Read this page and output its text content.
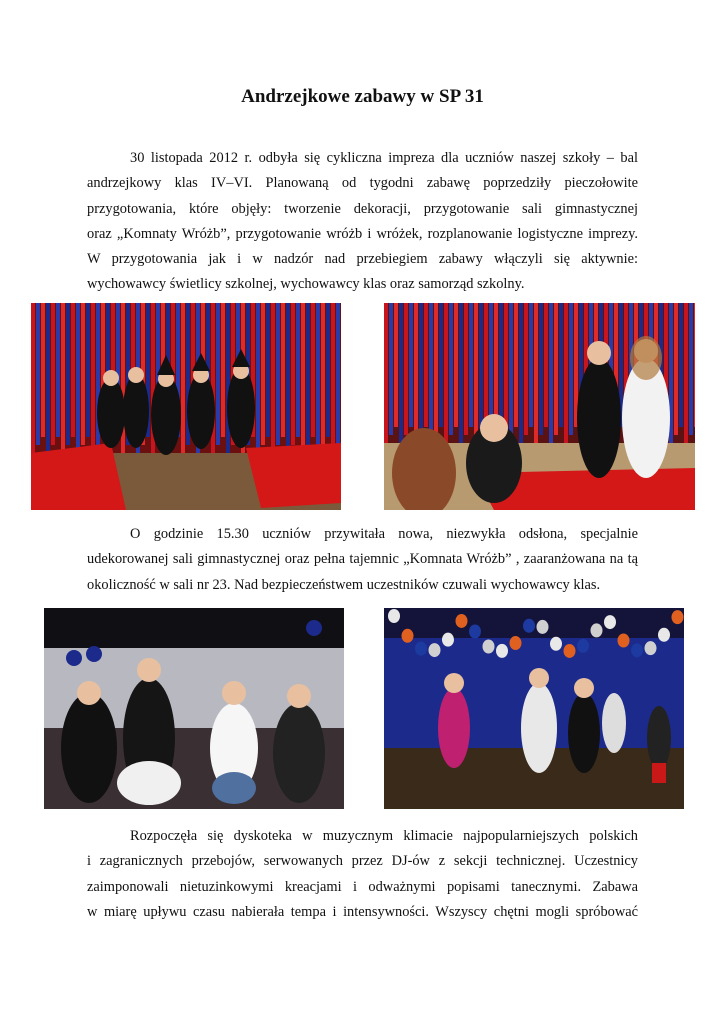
Andrzejkowe zabawy w SP 31

30 listopada 2012 r. odbyła się cykliczna impreza dla uczniów naszej szkoły – bal
andrzejkowy klas IV–VI. Planowaną od tygodni zabawę poprzedziły pieczołowite
przygotowania, które objęły: tworzenie dekoracji, przygotowanie sali gimnastycznej
oraz „Komnaty Wróżb”, przygotowanie wróżb i wróżek, rozplanowanie logistyczne imprezy.
W przygotowania jak i w nadzór nad przebiegiem zabawy włączyli się aktywnie:
wychowawcy świetlicy szkolnej, wychowawcy klas oraz samorząd szkolny.

O godzinie 15.30 uczniów przywitała nowa, niezwykła odsłona, specjalnie
udekorowanej sali gimnastycznej oraz pełna tajemnic „Komnata Wróżb” , zaaranżowana na tą
okoliczność w sali nr 23. Nad bezpieczeństwem uczestników czuwali wychowawcy klas.

Rozpoczęła się dyskoteka w muzycznym klimacie najpopularniejszych polskich
i zagranicznych przebojów, serwowanych przez DJ-ów z sekcji technicznej. Uczestnicy
zaimponowali nietuzinkowymi kreacjami i odważnymi popisami tanecznymi. Zabawa
w miarę upływu czasu nabierała tempa i intensywności. Wszyscy chętni mogli spróbować
